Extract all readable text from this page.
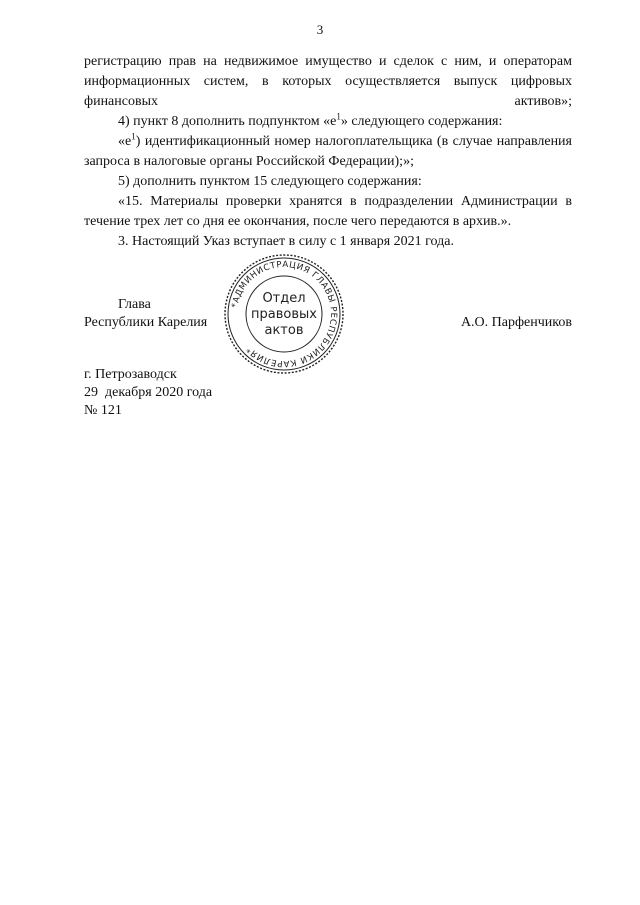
3

регистрацию прав на недвижимое имущество и сделок с ним, и операторам информационных систем, в которых осуществляется выпуск цифровых финансовых активов»;

4) пункт 8 дополнить подпунктом «$е^1$» следующего содержания:

«$е^1$) идентификационный номер налогоплательщика (в случае направления запроса в налоговые органы Российской Федерации);»;

5) дополнить пунктом 15 следующего содержания:

«15. Материалы проверки хранятся в подразделении Администрации в течение трех лет со дня ее окончания, после чего передаются в архив.».

3. Настоящий Указ вступает в силу с 1 января 2021 года.

Глава
Республики Карелия	А.О. Парфенчиков
*АДМИНИСТРАЦИЯ ГЛАВЫ РЕСПУБЛИКИ КАРЕЛИЯ*
Отдел
правовых
актов
г. Петрозаводск
29  декабря 2020 года
№ 121
